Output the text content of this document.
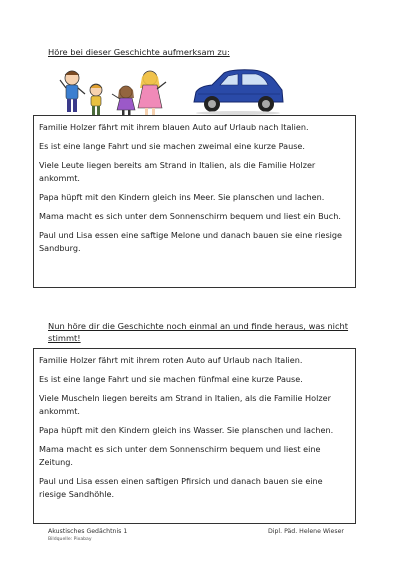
Höre bei dieser Geschichte aufmerksam zu:

Familie Holzer fährt mit ihrem blauen Auto auf Urlaub nach Italien.

Es ist eine lange Fahrt und sie machen zweimal eine kurze Pause.

Viele Leute liegen bereits am Strand in Italien, als die Familie Holzer ankommt.

Papa hüpft mit den Kindern gleich ins Meer. Sie planschen und lachen.

Mama macht es sich unter dem Sonnenschirm bequem und liest ein Buch.

Paul und Lisa essen eine saftige Melone und danach bauen sie eine riesige Sandburg.

Nun höre dir die Geschichte noch einmal an und finde heraus, was nicht stimmt!

Familie Holzer fährt mit ihrem roten Auto auf Urlaub nach Italien.

Es ist eine lange Fahrt und sie machen fünfmal eine kurze Pause.

Viele Muscheln liegen bereits am Strand in Italien, als die Familie Holzer ankommt.

Papa hüpft mit den Kindern gleich ins Wasser. Sie planschen und lachen.

Mama macht es sich unter dem Sonnenschirm bequem und liest eine Zeitung.

Paul und Lisa essen einen saftigen Pfirsich und danach bauen sie eine riesige Sandhöhle.

Akustisches Gedächtnis 1
Bildquelle: Pixabay
Dipl. Päd. Helene Wieser
